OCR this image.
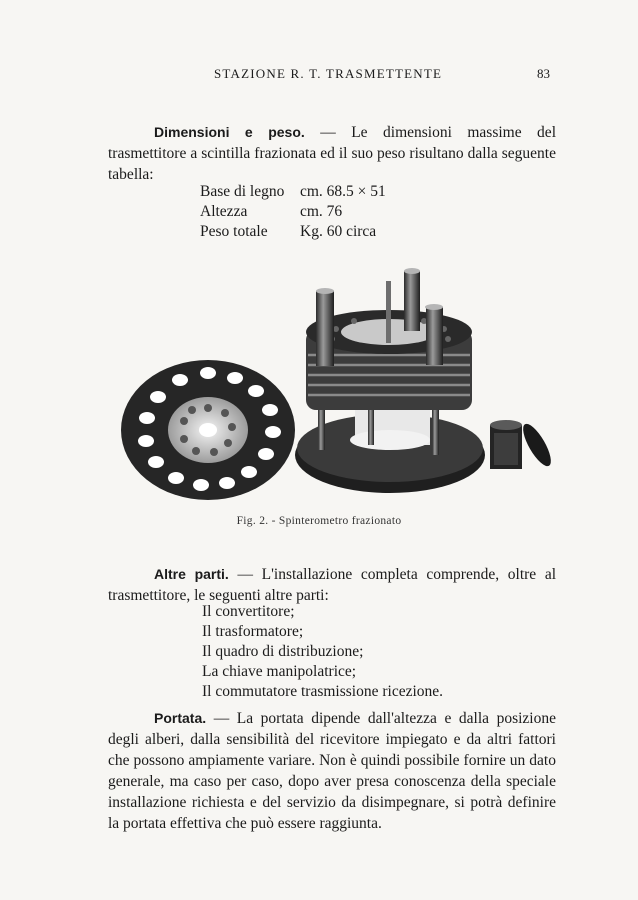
STAZIONE R. T. TRASMETTENTE	83
Dimensioni e peso. — Le dimensioni massime del trasmettitore a scintilla frazionata ed il suo peso risultano dalla seguente tabella:
Base di legno	cm. 68.5 × 51
Altezza	cm. 76
Peso totale	Kg. 60 circa
Fig. 2. - Spinterometro frazionato
Altre parti. — L'installazione completa comprende, oltre al trasmettitore, le seguenti altre parti:
Il convertitore;
Il trasformatore;
Il quadro di distribuzione;
La chiave manipolatrice;
Il commutatore trasmissione ricezione.
Portata. — La portata dipende dall'altezza e dalla posizione degli alberi, dalla sensibilità del ricevitore impiegato e da altri fattori che possono ampiamente variare. Non è quindi possibile fornire un dato generale, ma caso per caso, dopo aver presa conoscenza della speciale installazione richiesta e del servizio da disimpegnare, si potrà definire la portata effettiva che può essere raggiunta.
